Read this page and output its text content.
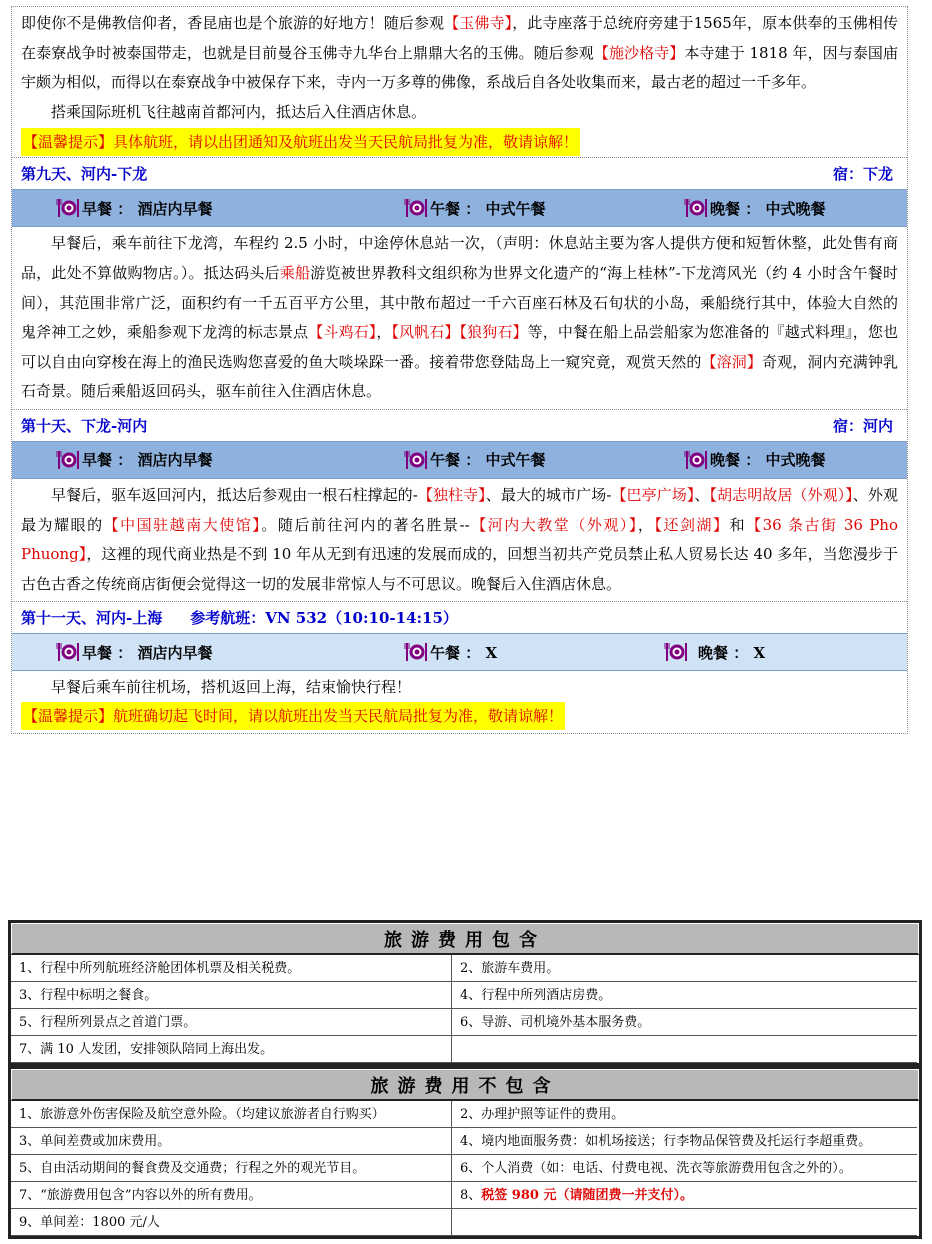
即使你不是佛教信仰者，香昆庙也是个旅游的好地方！随后参观【玉佛寺】，此寺座落于总统府旁建于1565年，原本供奉的玉佛相传在泰寮战争时被泰国带走，也就是目前曼谷玉佛寺九华台上鼎鼎大名的玉佛。随后参观【施沙格寺】本寺建于 1818 年，因与泰国庙宇颇为相似，而得以在泰寮战争中被保存下来，寺内一万多尊的佛像，系战后自各处收集而来，最古老的超过一千多年。
搭乘国际班机飞往越南首都河内，抵达后入住酒店休息。
【温馨提示】具体航班，请以出团通知及航班出发当天民航局批复为准，敬请谅解！
第九天、河内-下龙	宿：下龙
早餐 ： 酒店内早餐	午餐 ： 中式午餐	晚餐 ： 中式晚餐
早餐后，乘车前往下龙湾，车程约 2.5 小时，中途停休息站一次，（声明：休息站主要为客人提供方便和短暂休整，此处售有商品，此处不算做购物店。）。抵达码头后乘船游览被世界教科文组织称为世界文化遗产的“海上桂林”-下龙湾风光（约 4 小时含午餐时间），其范围非常广泛，面积约有一千五百平方公里，其中散布超过一千六百座石林及石旬状的小岛，乘船绕行其中，体验大自然的鬼斧神工之妙，乘船参观下龙湾的标志景点【斗鸡石】，【风帆石】【狼狗石】等，中餐在船上品尝船家为您准备的『越式料理』，您也可以自由向穿梭在海上的渔民选购您喜爱的鱼大啖垛跺一番。接着带您登陆岛上一窥究竟，观赏天然的【溶洞】奇观，洞内充满钟乳石奇景。随后乘船返回码头，驱车前往入住酒店休息。
第十天、下龙-河内	宿：河内
早餐 ： 酒店内早餐	午餐 ： 中式午餐	晚餐 ： 中式晚餐
早餐后，驱车返回河内，抵达后参观由一根石柱撑起的-【独柱寺】、最大的城市广场-【巴亭广场】、【胡志明故居（外观）】、外观最为耀眼的【中国驻越南大使馆】。随后前往河内的著名胜景--【河内大教堂（外观）】，【还剑湖】和【36 条古街 36 Pho Phuong】，这裡的现代商业热是不到 10 年从无到有迅速的发展而成的，回想当初共产党员禁止私人贸易长达 40 多年，当您漫步于古色古香之传统商店街便会觉得这一切的发展非常惊人与不可思议。晚餐后入住酒店休息。
第十一天、河内-上海 参考航班：VN 532（10:10-14:15）
早餐 ： 酒店内早餐	午餐 ： X	晚餐 ： X
早餐后乘车前往机场，搭机返回上海，结束愉快行程！
【温馨提示】航班确切起飞时间，请以航班出发当天民航局批复为准，敬请谅解！
旅游费用包含
1、行程中所列航班经济舱团体机票及相关税费。	2、旅游车费用。
3、行程中标明之餐食。	4、行程中所列酒店房费。
5、行程所列景点之首道门票。	6、导游、司机境外基本服务费。
7、满 10 人发团，安排领队陪同上海出发。
旅游费用不包含
1、旅游意外伤害保险及航空意外险。（均建议旅游者自行购买）	2、办理护照等证件的费用。
3、单间差费或加床费用。	4、境内地面服务费：如机场接送；行李物品保管费及托运行李超重费。
5、自由活动期间的餐食费及交通费；行程之外的观光节目。	6、个人消费（如：电话、付费电视、洗衣等旅游费用包含之外的）。
7、“旅游费用包含”内容以外的所有费用。	8、税签 980 元（请随团费一并支付）。
9、单间差：1800 元/人
